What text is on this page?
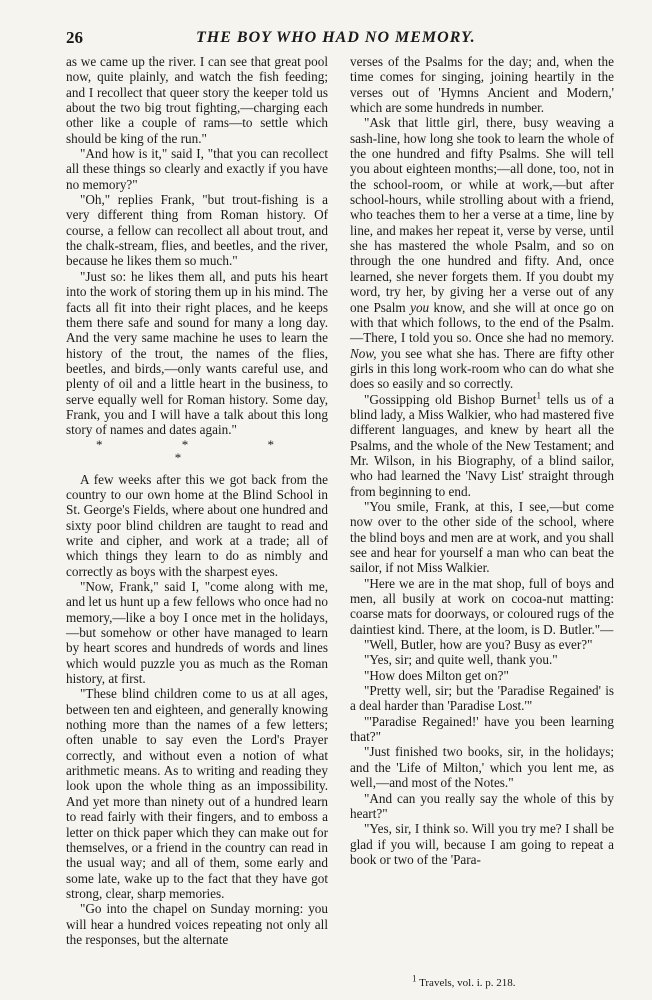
26	THE BOY WHO HAD NO MEMORY.

as we came up the river. I can see that great pool now, quite plainly, and watch the fish feeding; and I recollect that queer story the keeper told us about the two big trout fighting,—charging each other like a couple of rams—to settle which should be king of the run."

"And how is it," said I, "that you can recollect all these things so clearly and exactly if you have no memory?"

"Oh," replies Frank, "but trout-fishing is a very different thing from Roman history. Of course, a fellow can recollect all about trout, and the chalk-stream, flies, and beetles, and the river, because he likes them so much."

"Just so: he likes them all, and puts his heart into the work of storing them up in his mind. The facts all fit into their right places, and he keeps them there safe and sound for many a long day. And the very same machine he uses to learn the history of the trout, the names of the flies, beetles, and birds,—only wants careful use, and plenty of oil and a little heart in the business, to serve equally well for Roman history. Some day, Frank, you and I will have a talk about this long story of names and dates again."

* * * *

A few weeks after this we got back from the country to our own home at the Blind School in St. George's Fields, where about one hundred and sixty poor blind children are taught to read and write and cipher, and work at a trade; all of which things they learn to do as nimbly and correctly as boys with the sharpest eyes.

"Now, Frank," said I, "come along with me, and let us hunt up a few fellows who once had no memory,—like a boy I once met in the holidays,—but somehow or other have managed to learn by heart scores and hundreds of words and lines which would puzzle you as much as the Roman history, at first.

"These blind children come to us at all ages, between ten and eighteen, and generally knowing nothing more than the names of a few letters; often unable to say even the Lord's Prayer correctly, and without even a notion of what arithmetic means. As to writing and reading they look upon the whole thing as an impossibility. And yet more than ninety out of a hundred learn to read fairly with their fingers, and to emboss a letter on thick paper which they can make out for themselves, or a friend in the country can read in the usual way; and all of them, some early and some late, wake up to the fact that they have got strong, clear, sharp memories.

"Go into the chapel on Sunday morning: you will hear a hundred voices repeating not only all the responses, but the alternate

verses of the Psalms for the day; and, when the time comes for singing, joining heartily in the verses out of 'Hymns Ancient and Modern,' which are some hundreds in number.

"Ask that little girl, there, busy weaving a sash-line, how long she took to learn the whole of the one hundred and fifty Psalms. She will tell you about eighteen months;—all done, too, not in the school-room, or while at work,—but after school-hours, while strolling about with a friend, who teaches them to her a verse at a time, line by line, and makes her repeat it, verse by verse, until she has mastered the whole Psalm, and so on through the one hundred and fifty. And, once learned, she never forgets them. If you doubt my word, try her, by giving her a verse out of any one Psalm you know, and she will at once go on with that which follows, to the end of the Psalm.—There, I told you so. Once she had no memory. Now, you see what she has. There are fifty other girls in this long work-room who can do what she does so easily and so correctly.

"Gossipping old Bishop Burnet$^1$ tells us of a blind lady, a Miss Walkier, who had mastered five different languages, and knew by heart all the Psalms, and the whole of the New Testament; and Mr. Wilson, in his Biography, of a blind sailor, who had learned the 'Navy List' straight through from beginning to end.

"You smile, Frank, at this, I see,—but come now over to the other side of the school, where the blind boys and men are at work, and you shall see and hear for yourself a man who can beat the sailor, if not Miss Walkier.

"Here we are in the mat shop, full of boys and men, all busily at work on cocoa-nut matting: coarse mats for doorways, or coloured rugs of the daintiest kind. There, at the loom, is D. Butler."—

"Well, Butler, how are you? Busy as ever?"

"Yes, sir; and quite well, thank you."

"How does Milton get on?"

"Pretty well, sir; but the 'Paradise Regained' is a deal harder than 'Paradise Lost.'"

"'Paradise Regained!' have you been learning that?"

"Just finished two books, sir, in the holidays; and the 'Life of Milton,' which you lent me, as well,—and most of the Notes."

"And can you really say the whole of this by heart?"

"Yes, sir, I think so. Will you try me? I shall be glad if you will, because I am going to repeat a book or two of the 'Para-

$^1$ Travels, vol. i. p. 218.
